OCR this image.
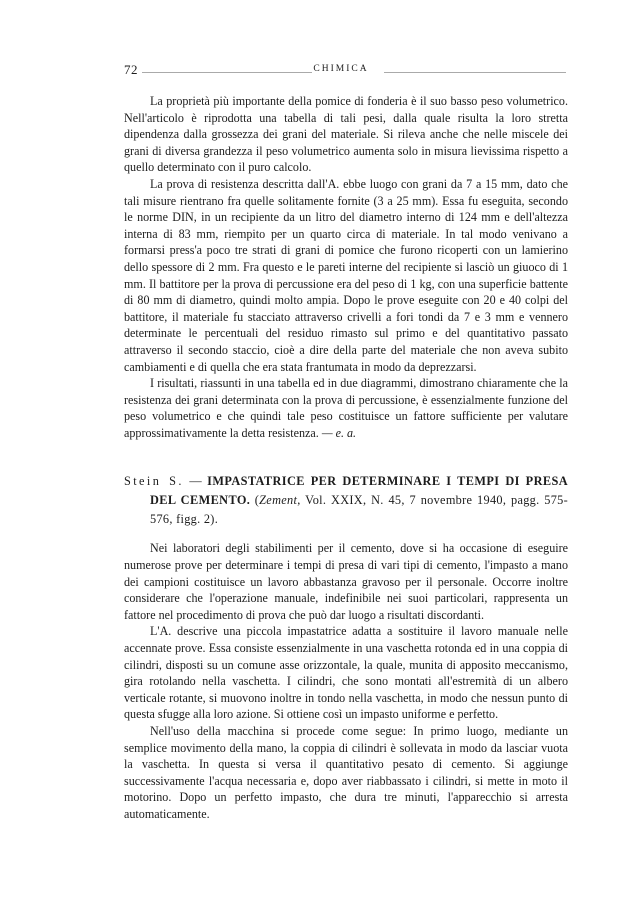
72	CHIMICA

La proprietà più importante della pomice di fonderia è il suo basso peso volumetrico. Nell'articolo è riprodotta una tabella di tali pesi, dalla quale risulta la loro stretta dipendenza dalla grossezza dei grani del materiale. Si rileva anche che nelle miscele dei grani di diversa grandezza il peso volumetrico aumenta solo in misura lievissima rispetto a quello determinato con il puro calcolo.

La prova di resistenza descritta dall'A. ebbe luogo con grani da 7 a 15 mm, dato che tali misure rientrano fra quelle solitamente fornite (3 a 25 mm). Essa fu eseguita, secondo le norme DIN, in un recipiente da un litro del diametro interno di 124 mm e dell'altezza interna di 83 mm, riempito per un quarto circa di materiale. In tal modo venivano a formarsi press'a poco tre strati di grani di pomice che furono ricoperti con un lamierino dello spessore di 2 mm. Fra questo e le pareti interne del recipiente si lasciò un giuoco di 1 mm. Il battitore per la prova di percussione era del peso di 1 kg, con una superficie battente di 80 mm di diametro, quindi molto ampia. Dopo le prove eseguite con 20 e 40 colpi del battitore, il materiale fu stacciato attraverso crivelli a fori tondi da 7 e 3 mm e vennero determinate le percentuali del residuo rimasto sul primo e del quantitativo passato attraverso il secondo staccio, cioè a dire della parte del materiale che non aveva subito cambiamenti e di quella che era stata frantumata in modo da deprezzarsi.

I risultati, riassunti in una tabella ed in due diagrammi, dimostrano chiaramente che la resistenza dei grani determinata con la prova di percussione, è essenzialmente funzione del peso volumetrico e che quindi tale peso costituisce un fattore sufficiente per valutare approssimativamente la detta resistenza. — e. a.

Stein S. — IMPASTATRICE PER DETERMINARE I TEMPI DI PRESA DEL CEMENTO. (Zement, Vol. XXIX, N. 45, 7 novembre 1940, pagg. 575-576, figg. 2).

Nei laboratori degli stabilimenti per il cemento, dove si ha occasione di eseguire numerose prove per determinare i tempi di presa di vari tipi di cemento, l'impasto a mano dei campioni costituisce un lavoro abbastanza gravoso per il personale. Occorre inoltre considerare che l'operazione manuale, indefinibile nei suoi particolari, rappresenta un fattore nel procedimento di prova che può dar luogo a risultati discordanti.

L'A. descrive una piccola impastatrice adatta a sostituire il lavoro manuale nelle accennate prove. Essa consiste essenzialmente in una vaschetta rotonda ed in una coppia di cilindri, disposti su un comune asse orizzontale, la quale, munita di apposito meccanismo, gira rotolando nella vaschetta. I cilindri, che sono montati all'estremità di un albero verticale rotante, si muovono inoltre in tondo nella vaschetta, in modo che nessun punto di questa sfugge alla loro azione. Si ottiene così un impasto uniforme e perfetto.

Nell'uso della macchina si procede come segue: In primo luogo, mediante un semplice movimento della mano, la coppia di cilindri è sollevata in modo da lasciar vuota la vaschetta. In questa si versa il quantitativo pesato di cemento. Si aggiunge successivamente l'acqua necessaria e, dopo aver riabbassato i cilindri, si mette in moto il motorino. Dopo un perfetto impasto, che dura tre minuti, l'apparecchio si arresta automaticamente.
